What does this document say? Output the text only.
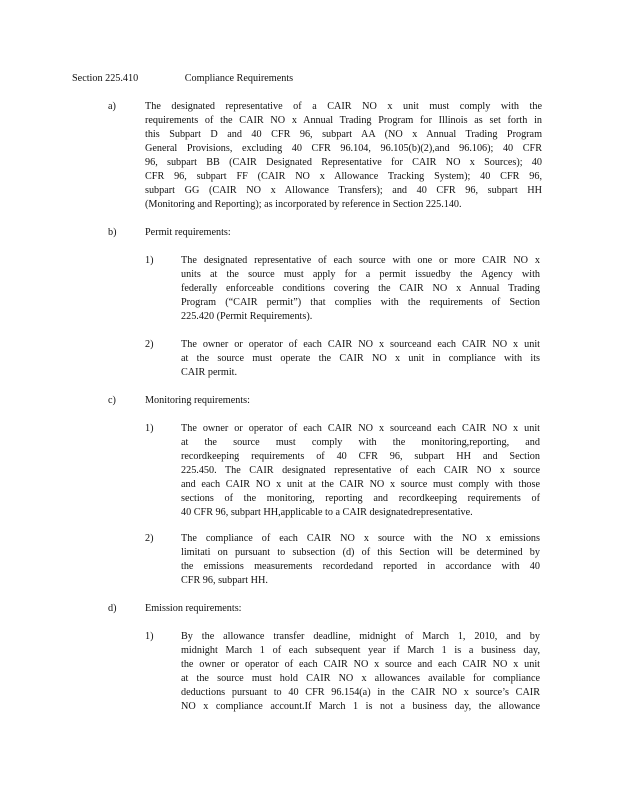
Section 225.410	Compliance Requirements
a)	The designated representative of a CAIR NO x unit must comply with the
requirements of the CAIR NO x Annual Trading Program for Illinois as set forth in
this Subpart D and 40 CFR 96, subpart AA (NO x Annual Trading Program
General Provisions, excluding 40 CFR 96.104, 96.105(b)(2),and 96.106); 40 CFR
96, subpart BB (CAIR Designated Representative for CAIR NO x Sources); 40
CFR 96, subpart FF (CAIR NO x Allowance Tracking System); 40 CFR 96,
subpart GG (CAIR NO x Allowance Transfers); and 40 CFR 96, subpart HH
(Monitoring and Reporting); as incorporated by reference in Section 225.140.
b)	Permit requirements:
1)	The designated representative of each source with one or more CAIR NO x
units at the source must apply for a permit issuedby the Agency with
federally enforceable conditions covering the CAIR NO x Annual Trading
Program (“CAIR permit”) that complies with the requirements of Section
225.420 (Permit Requirements).
2)	The owner or operator of each CAIR NO x sourceand each CAIR NO x unit
at the source must operate the CAIR NO x unit in compliance with its
CAIR permit.
c)	Monitoring requirements:
1)	The owner or operator of each CAIR NO x sourceand each CAIR NO x unit
at the source must comply with the monitoring,reporting, and
recordkeeping requirements of 40 CFR 96, subpart HH and Section
225.450. The CAIR designated representative of each CAIR NO x source
and each CAIR NO x unit at the CAIR NO x source must comply with those
sections of the monitoring, reporting and recordkeeping requirements of
40 CFR 96, subpart HH,applicable to a CAIR designatedrepresentative.
2)	The compliance of each CAIR NO x source with the NO x emissions
limitati on pursuant to subsection (d) of this Section will be determined by
the emissions measurements recordedand reported in accordance with 40
CFR 96, subpart HH.
d)	Emission requirements:
1)	By the allowance transfer deadline, midnight of March 1, 2010, and by
midnight March 1 of each subsequent year if March 1 is a business day,
the owner or operator of each CAIR NO x source and each CAIR NO x unit
at the source must hold CAIR NO x allowances available for compliance
deductions pursuant to 40 CFR 96.154(a) in the CAIR NO x source’s CAIR
NO x compliance account.If March 1 is not a business day, the allowance
